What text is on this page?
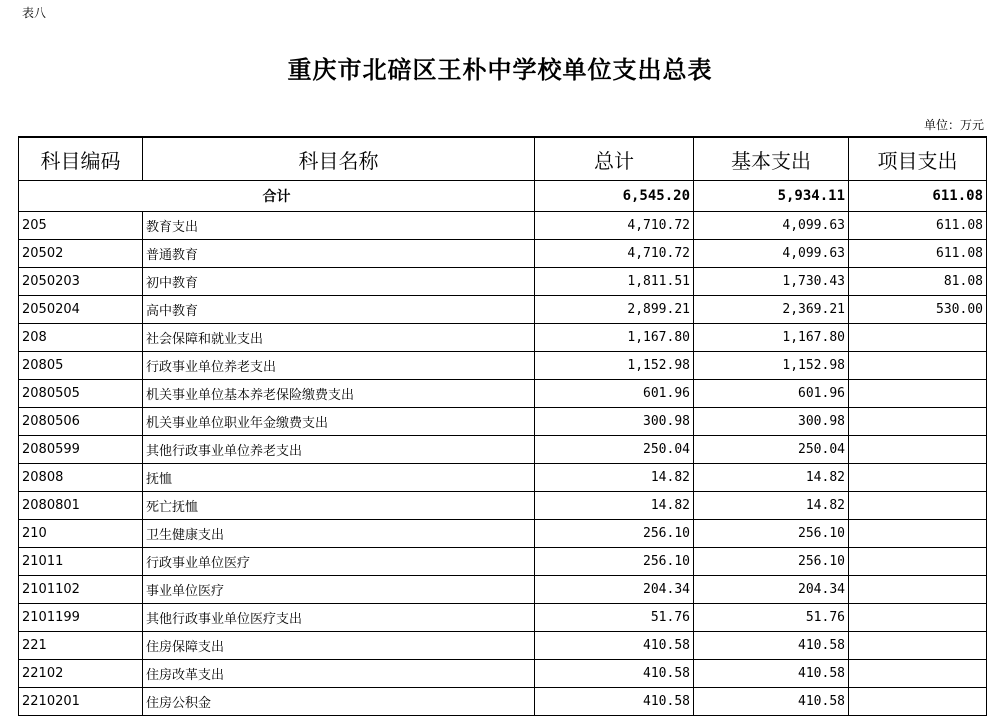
表八
重庆市北碚区王朴中学校单位支出总表
单位：万元
科目编码	科目名称	总计	基本支出	项目支出
合计		6,545.20	5,934.11	611.08
205	教育支出	4,710.72	4,099.63	611.08
20502	普通教育	4,710.72	4,099.63	611.08
2050203	初中教育	1,811.51	1,730.43	81.08
2050204	高中教育	2,899.21	2,369.21	530.00
208	社会保障和就业支出	1,167.80	1,167.80	
20805	行政事业单位养老支出	1,152.98	1,152.98	
2080505	机关事业单位基本养老保险缴费支出	601.96	601.96	
2080506	机关事业单位职业年金缴费支出	300.98	300.98	
2080599	其他行政事业单位养老支出	250.04	250.04	
20808	抚恤	14.82	14.82	
2080801	死亡抚恤	14.82	14.82	
210	卫生健康支出	256.10	256.10	
21011	行政事业单位医疗	256.10	256.10	
2101102	事业单位医疗	204.34	204.34	
2101199	其他行政事业单位医疗支出	51.76	51.76	
221	住房保障支出	410.58	410.58	
22102	住房改革支出	410.58	410.58	
2210201	住房公积金	410.58	410.58	
